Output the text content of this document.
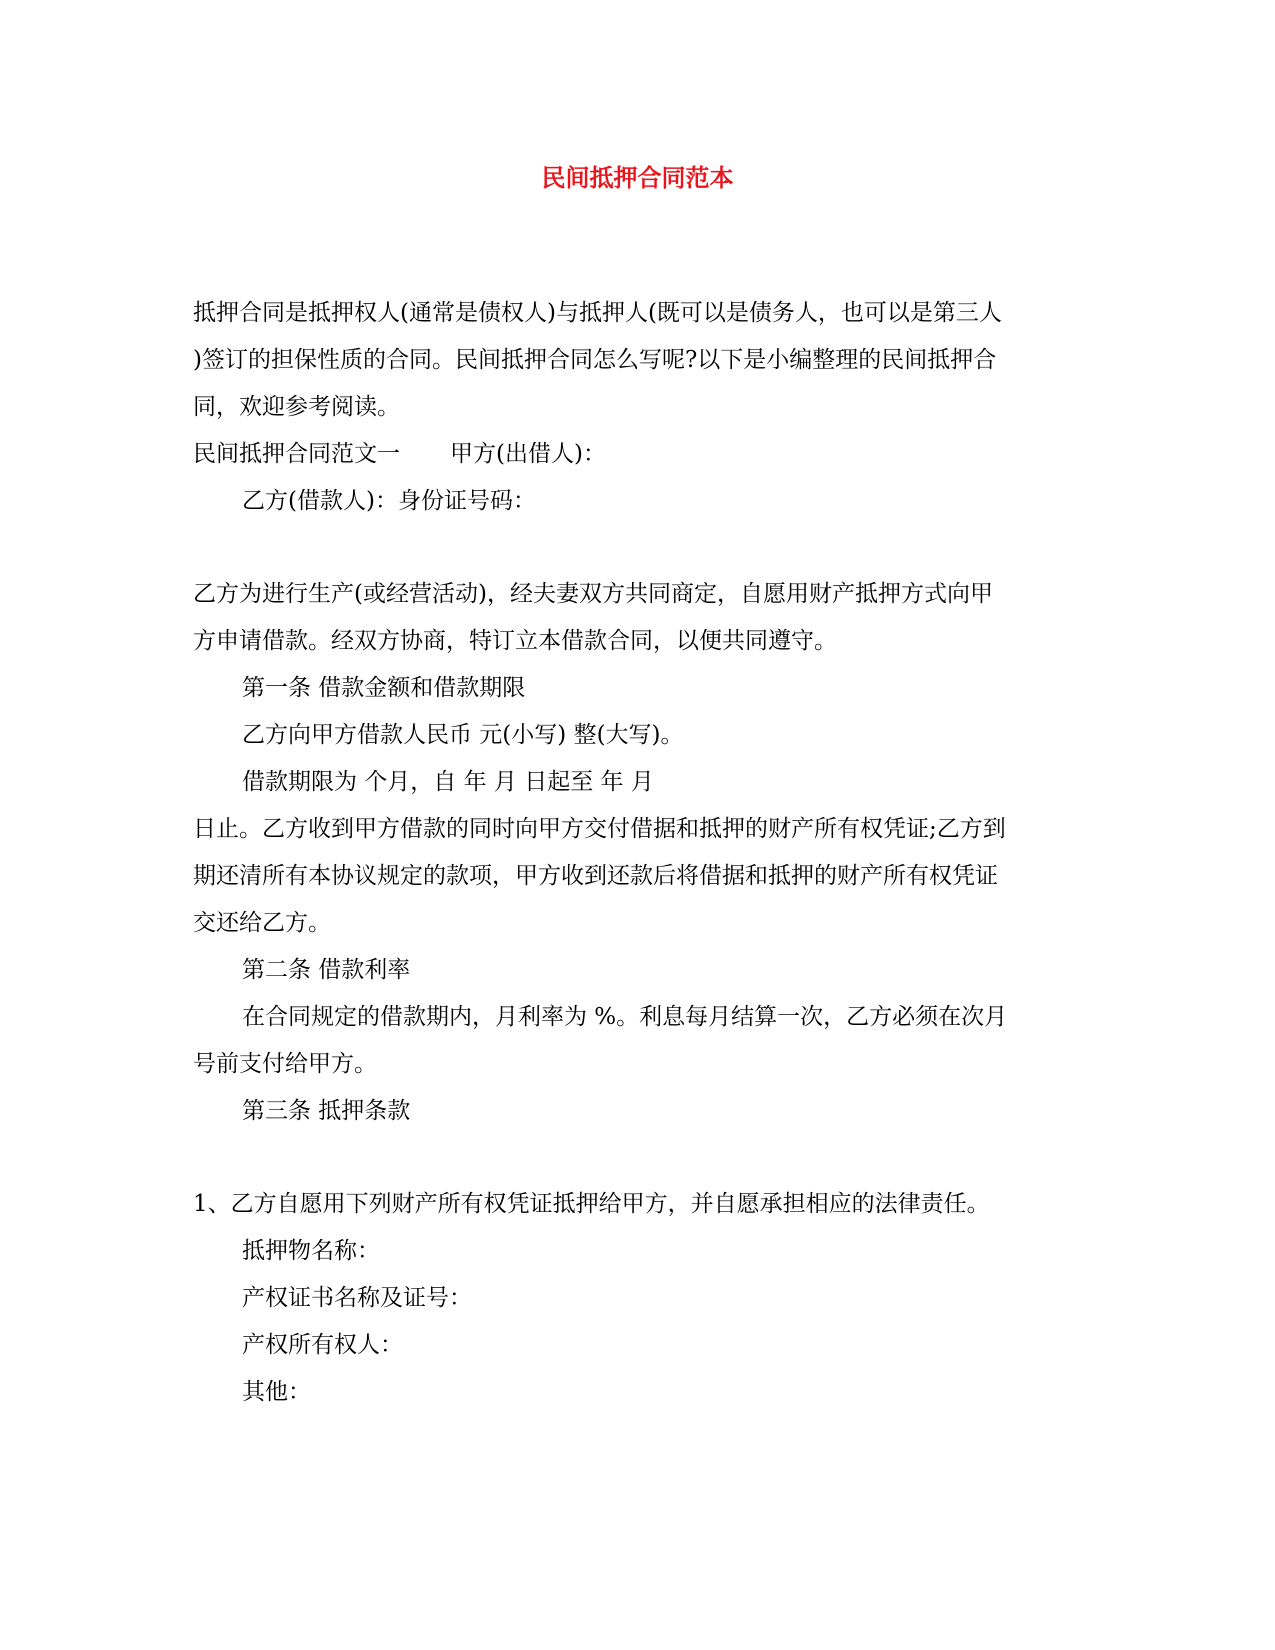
民间抵押合同范本
抵押合同是抵押权人(通常是债权人)与抵押人(既可以是债务人，也可以是第三人
)签订的担保性质的合同。民间抵押合同怎么写呢?以下是小编整理的民间抵押合
同，欢迎参考阅读。
民间抵押合同范文一 甲方(出借人)：
乙方(借款人)：身份证号码：
乙方为进行生产(或经营活动)，经夫妻双方共同商定，自愿用财产抵押方式向甲
方申请借款。经双方协商，特订立本借款合同，以便共同遵守。
第一条 借款金额和借款期限
乙方向甲方借款人民币 元(小写) 整(大写)。
借款期限为 个月，自 年 月 日起至 年 月
日止。乙方收到甲方借款的同时向甲方交付借据和抵押的财产所有权凭证;乙方到
期还清所有本协议规定的款项，甲方收到还款后将借据和抵押的财产所有权凭证
交还给乙方。
第二条 借款利率
在合同规定的借款期内，月利率为 %。利息每月结算一次，乙方必须在次月
号前支付给甲方。
第三条 抵押条款
1、乙方自愿用下列财产所有权凭证抵押给甲方，并自愿承担相应的法律责任。
抵押物名称：
产权证书名称及证号：
产权所有权人：
其他：
